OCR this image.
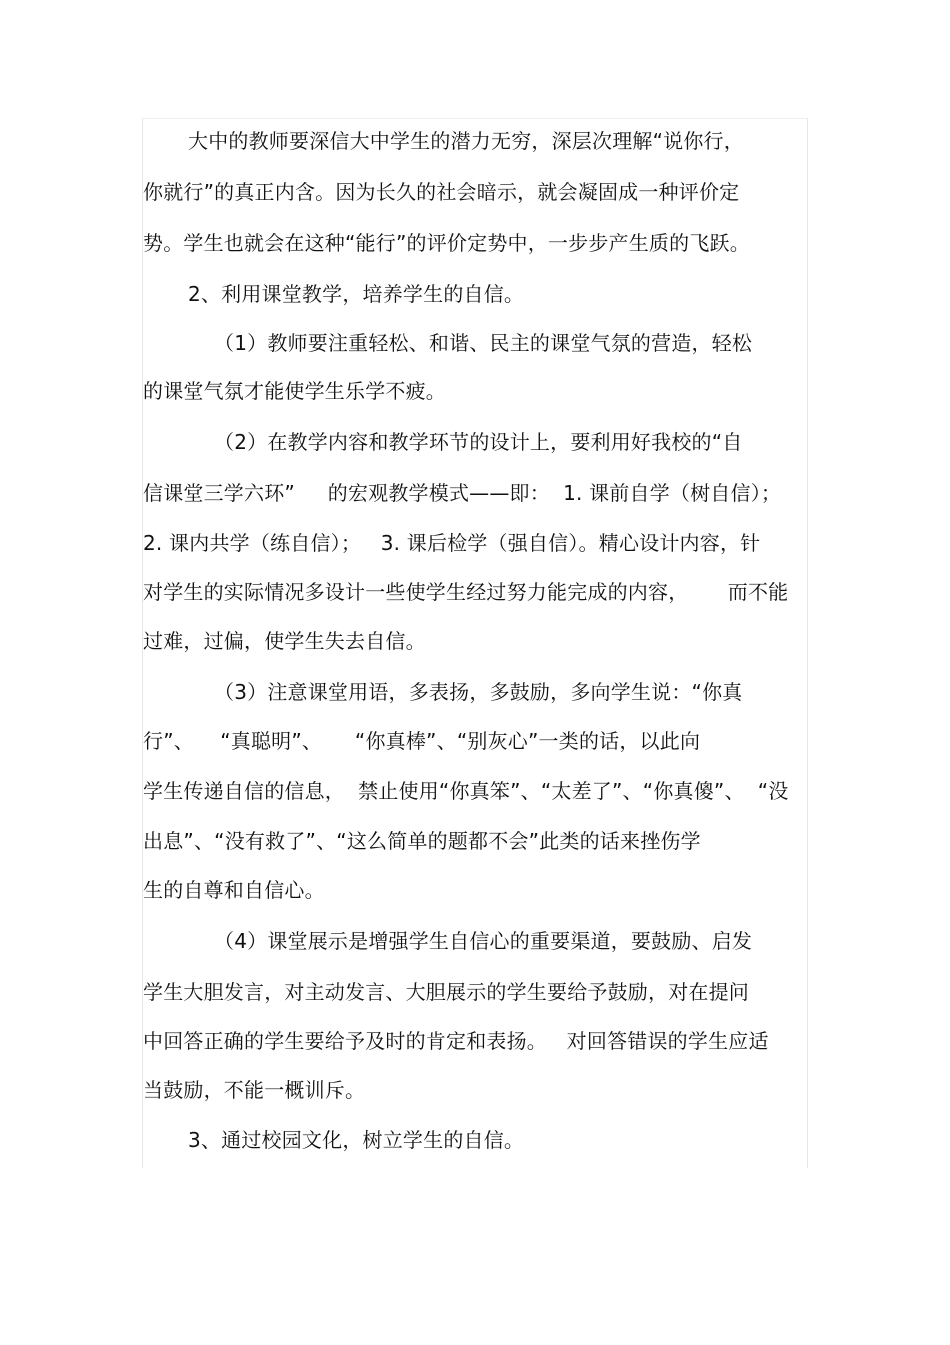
大中的教师要深信大中学生的潜力无穷，深层次理解“说你行，
你就行”的真正内含。因为长久的社会暗示，就会凝固成一种评价定
势。学生也就会在这种“能行”的评价定势中，一步步产生质的飞跃。
2、利用课堂教学，培养学生的自信。
（1）教师要注重轻松、和谐、民主的课堂气氛的营造，轻松
的课堂气氛才能使学生乐学不疲。
（2）在教学内容和教学环节的设计上，要利用好我校的“自
信课堂三学六环”     的宏观教学模式——即：  1. 课前自学（树自信）；
2. 课内共学（练自信）；   3. 课后检学（强自信）。精心设计内容，针
对学生的实际情况多设计一些使学生经过努力能完成的内容，      而不能
过难，过偏，使学生失去自信。
（3）注意课堂用语，多表扬，多鼓励，多向学生说：“你真
行”、    “真聪明”、     “你真棒”、“别灰心”一类的话，以此向
学生传递自信的信息，  禁止使用“你真笨”、“太差了”、“你真傻”、  “没
出息”、“没有救了”、“这么简单的题都不会”此类的话来挫伤学
生的自尊和自信心。
（4）课堂展示是增强学生自信心的重要渠道，要鼓励、启发
学生大胆发言，对主动发言、大胆展示的学生要给予鼓励，对在提问
中回答正确的学生要给予及时的肯定和表扬。   对回答错误的学生应适
当鼓励，不能一概训斥。
3、通过校园文化，树立学生的自信。
